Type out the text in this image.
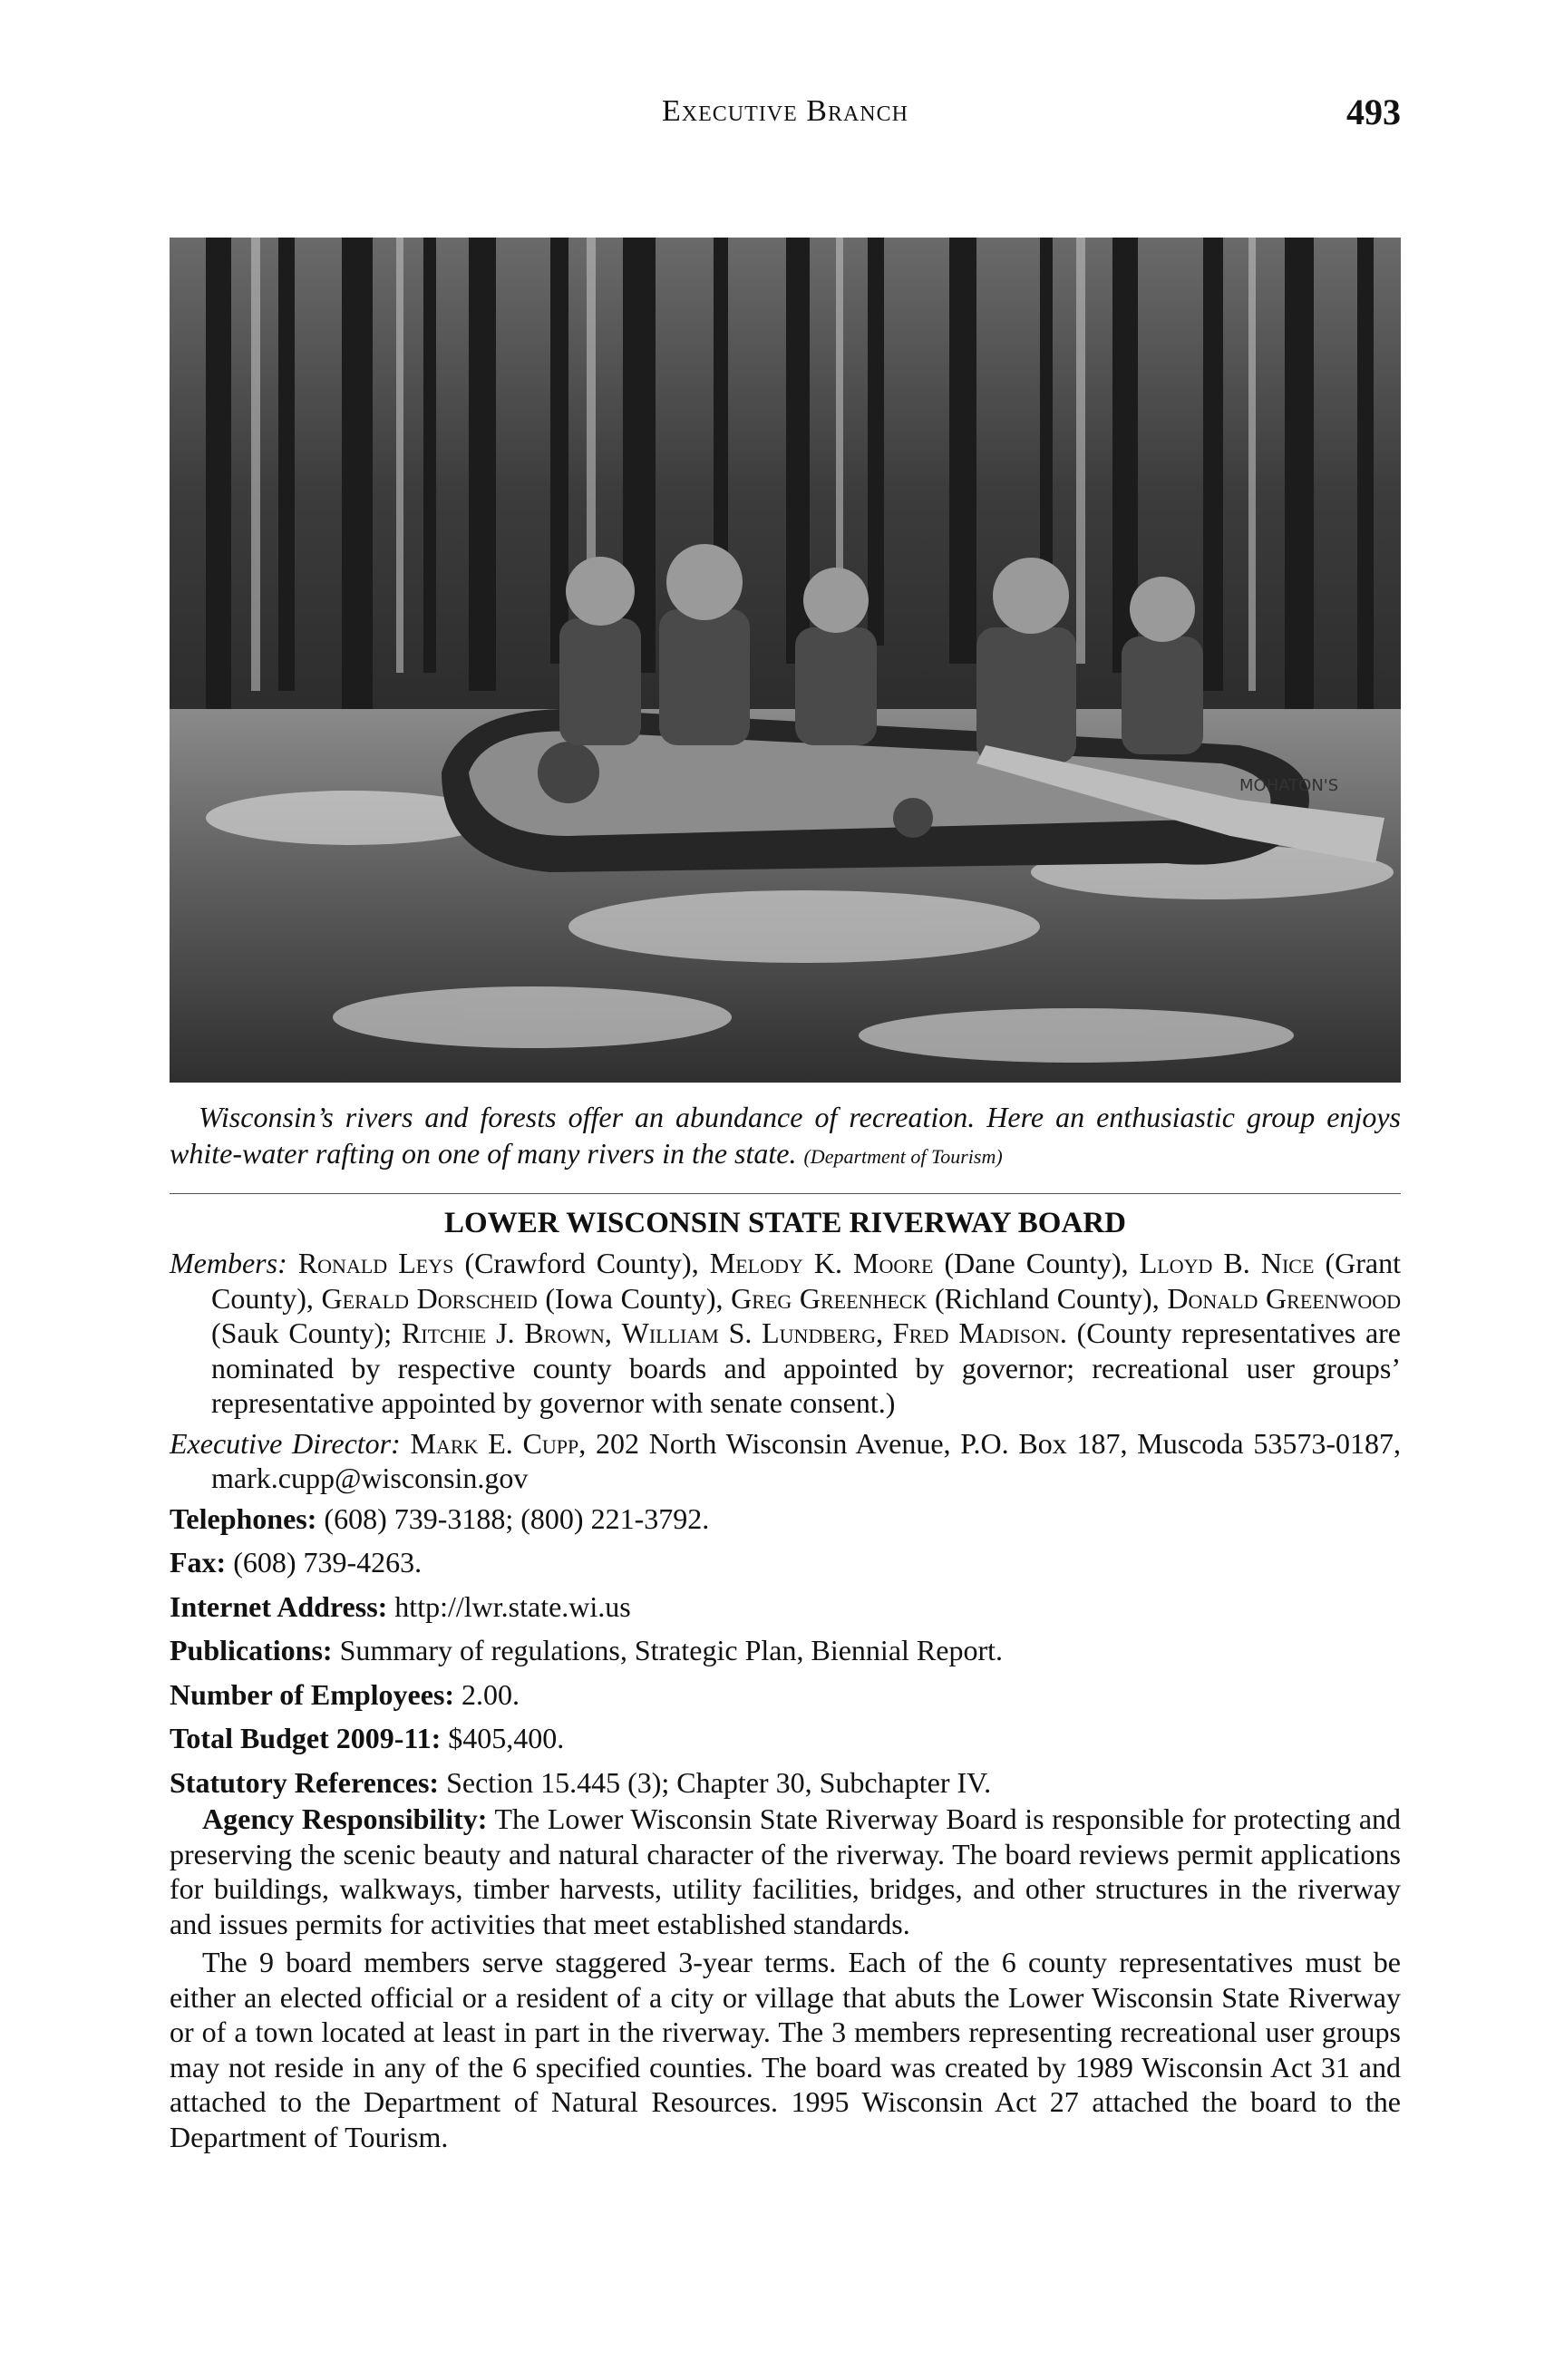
Executive Branch	493
MOHATON'S
Wisconsin’s rivers and forests offer an abundance of recreation. Here an enthusiastic group enjoys white-water rafting on one of many rivers in the state. (Department of Tourism)
LOWER WISCONSIN STATE RIVERWAY BOARD

Members: Ronald Leys (Crawford County), Melody K. Moore (Dane County), Lloyd B. Nice (Grant County), Gerald Dorscheid (Iowa County), Greg Greenheck (Richland County), Donald Greenwood (Sauk County); Ritchie J. Brown, William S. Lundberg, Fred Madison. (County representatives are nominated by respective county boards and appointed by governor; recreational user groups’ representative appointed by governor with senate consent.)

Executive Director: Mark E. Cupp, 202 North Wisconsin Avenue, P.O. Box 187, Muscoda 53573-0187, mark.cupp@wisconsin.gov

Telephones: (608) 739-3188; (800) 221-3792.

Fax: (608) 739-4263.

Internet Address: http://lwr.state.wi.us

Publications: Summary of regulations, Strategic Plan, Biennial Report.

Number of Employees: 2.00.

Total Budget 2009-11: $405,400.

Statutory References: Section 15.445 (3); Chapter 30, Subchapter IV.

Agency Responsibility: The Lower Wisconsin State Riverway Board is responsible for protecting and preserving the scenic beauty and natural character of the riverway. The board reviews permit applications for buildings, walkways, timber harvests, utility facilities, bridges, and other structures in the riverway and issues permits for activities that meet established standards.

The 9 board members serve staggered 3-year terms. Each of the 6 county representatives must be either an elected official or a resident of a city or village that abuts the Lower Wisconsin State Riverway or of a town located at least in part in the riverway. The 3 members representing recreational user groups may not reside in any of the 6 specified counties. The board was created by 1989 Wisconsin Act 31 and attached to the Department of Natural Resources. 1995 Wisconsin Act 27 attached the board to the Department of Tourism.
